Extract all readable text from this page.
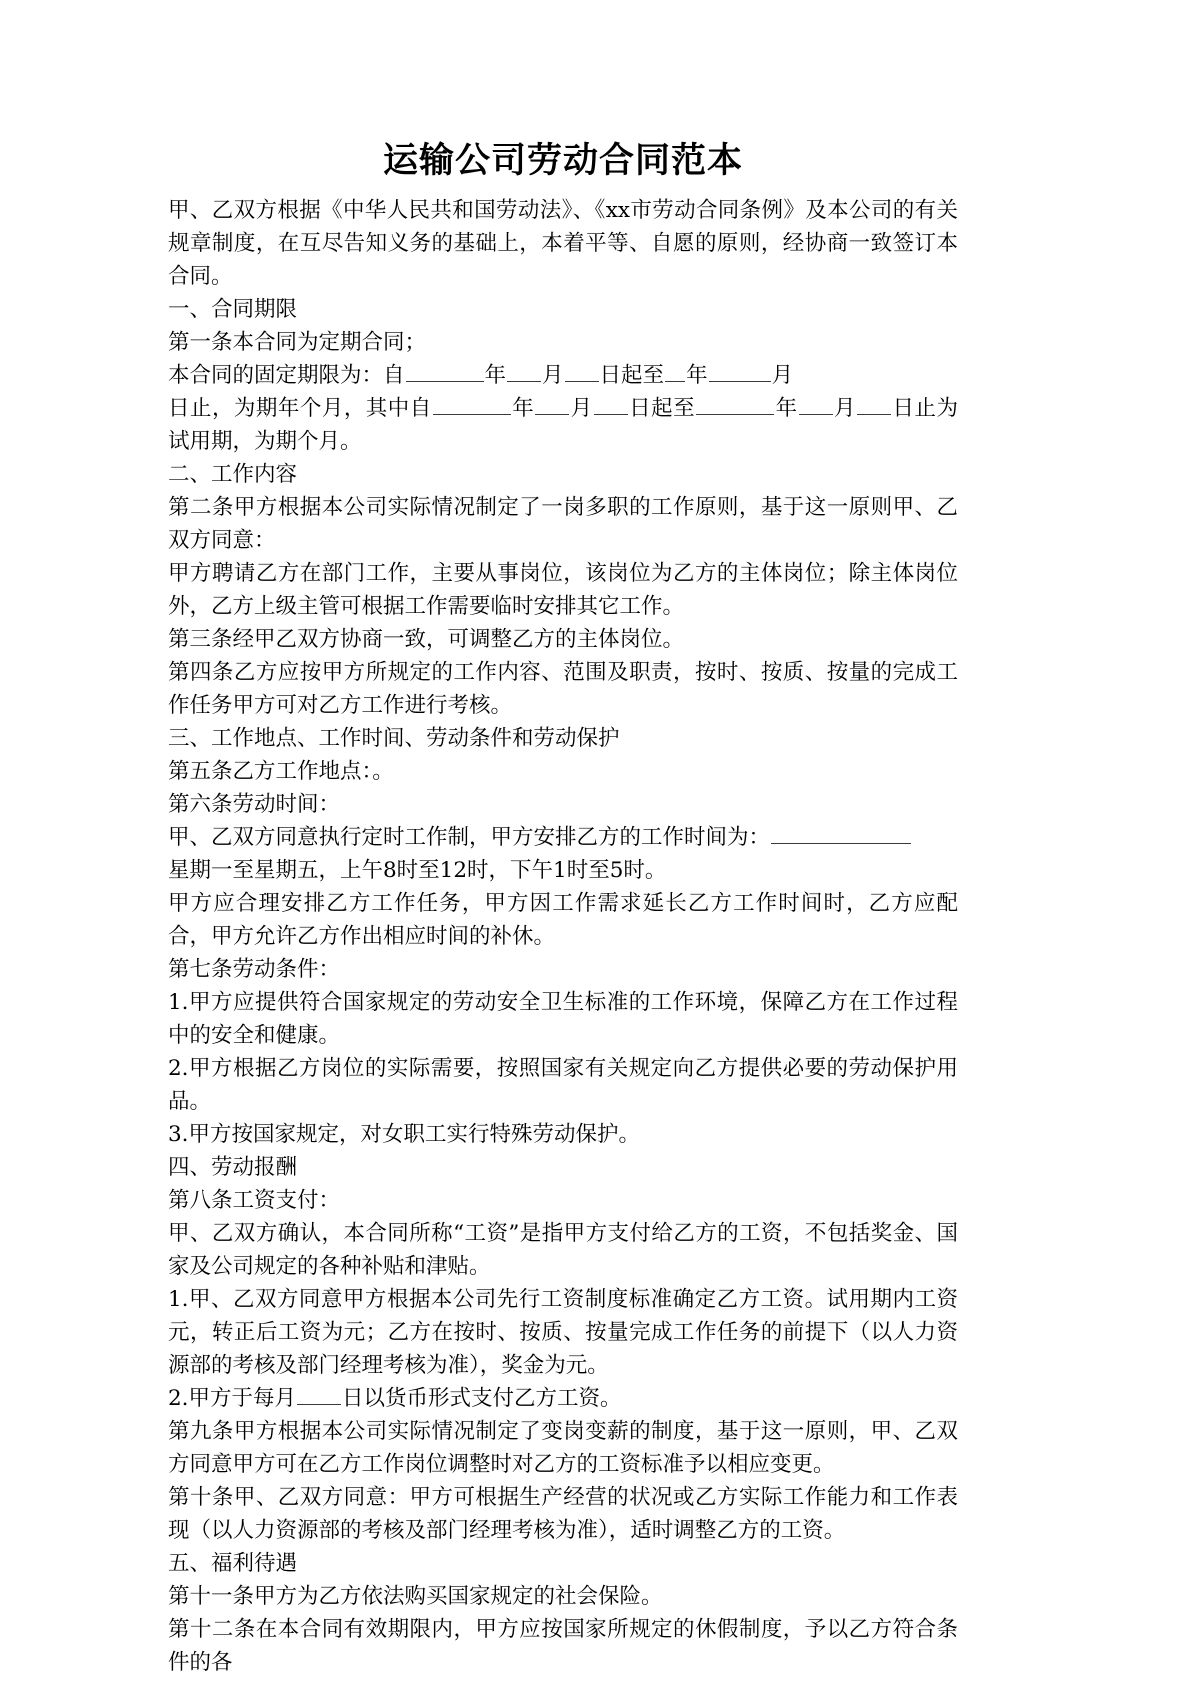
运输公司劳动合同范本

甲、乙双方根据《中华人民共和国劳动法》、《xx市劳动合同条例》及本公司的有关规章制度，在互尽告知义务的基础上，本着平等、自愿的原则，经协商一致签订本合同。

一、合同期限

第一条本合同为定期合同；

本合同的固定期限为：自	年 月 日起至 年	月

日止，为期年个月，其中自	年 月 日起至	年 月 日止为试用期，为期个月。

二、工作内容

第二条甲方根据本公司实际情况制定了一岗多职的工作原则，基于这一原则甲、乙双方同意：

甲方聘请乙方在部门工作，主要从事岗位，该岗位为乙方的主体岗位；除主体岗位外，乙方上级主管可根据工作需要临时安排其它工作。

第三条经甲乙双方协商一致，可调整乙方的主体岗位。

第四条乙方应按甲方所规定的工作内容、范围及职责，按时、按质、按量的完成工作任务甲方可对乙方工作进行考核。

三、工作地点、工作时间、劳动条件和劳动保护

第五条乙方工作地点：。

第六条劳动时间：

甲、乙双方同意执行定时工作制，甲方安排乙方的工作时间为：

星期一至星期五，上午8时至12时，下午1时至5时。

甲方应合理安排乙方工作任务，甲方因工作需求延长乙方工作时间时，乙方应配合，甲方允许乙方作出相应时间的补休。

第七条劳动条件：

1.甲方应提供符合国家规定的劳动安全卫生标准的工作环境，保障乙方在工作过程中的安全和健康。

2.甲方根据乙方岗位的实际需要，按照国家有关规定向乙方提供必要的劳动保护用品。

3.甲方按国家规定，对女职工实行特殊劳动保护。

四、劳动报酬

第八条工资支付：

甲、乙双方确认，本合同所称“工资”是指甲方支付给乙方的工资，不包括奖金、国家及公司规定的各种补贴和津贴。

1.甲、乙双方同意甲方根据本公司先行工资制度标准确定乙方工资。试用期内工资元，转正后工资为元；乙方在按时、按质、按量完成工作任务的前提下（以人力资源部的考核及部门经理考核为准），奖金为元。

2.甲方于每月 日以货币形式支付乙方工资。

第九条甲方根据本公司实际情况制定了变岗变薪的制度，基于这一原则，甲、乙双方同意甲方可在乙方工作岗位调整时对乙方的工资标准予以相应变更。

第十条甲、乙双方同意：甲方可根据生产经营的状况或乙方实际工作能力和工作表现（以人力资源部的考核及部门经理考核为准），适时调整乙方的工资。

五、福利待遇

第十一条甲方为乙方依法购买国家规定的社会保险。

第十二条在本合同有效期限内，甲方应按国家所规定的休假制度，予以乙方符合条件的各
